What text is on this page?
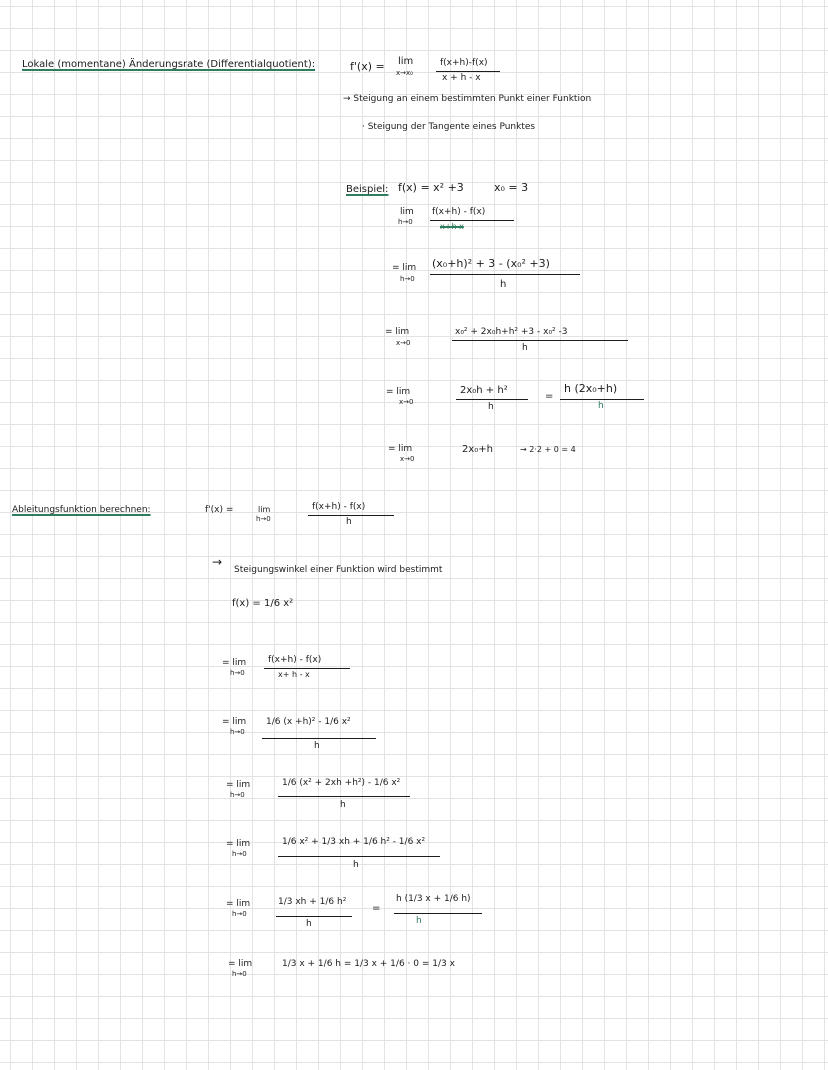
Lokale (momentane) Änderungsrate (Differentialquotient):	f'(x) = lim
x→x₀
f(x+h)-f(x)
x + h - x
→ Steigung an einem bestimmten Punkt einer Funktion
· Steigung der Tangente eines Punktes
Beispiel: f(x) = x² +3	x₀ = 3
lim
h→0
f(x+h) - f(x)
x+h x
= lim
h→0
(x₀+h)² + 3 - (x₀² +3)
h
= lim
x→0
x₀² + 2x₀h+h² +3 - x₀² -3
h
= lim
x→0
2x₀h + h²
h
=
h (2x₀+h)
h
= lim
x→0
2x₀+h	→ 2·2 + 0 = 4
Ableitungsfunktion berechnen:	f'(x) =	lim
h→0
f(x+h) - f(x)
h
→
Steigungswinkel einer Funktion wird bestimmt
f(x) = 1/6 x²
= lim
h→0
f(x+h) - f(x)
x+ h - x
= lim
h→0
1/6 (x +h)² - 1/6 x²
h
= lim
h→0
1/6 (x² + 2xh +h²) - 1/6 x²
h
= lim
h→0
1/6 x² + 1/3 xh + 1/6 h² - 1/6 x²
h
= lim
h→0
1/3 xh + 1/6 h²
h
=
h (1/3 x + 1/6 h)
h
= lim
h→0
1/3 x + 1/6 h = 1/3 x + 1/6 · 0 = 1/3 x
